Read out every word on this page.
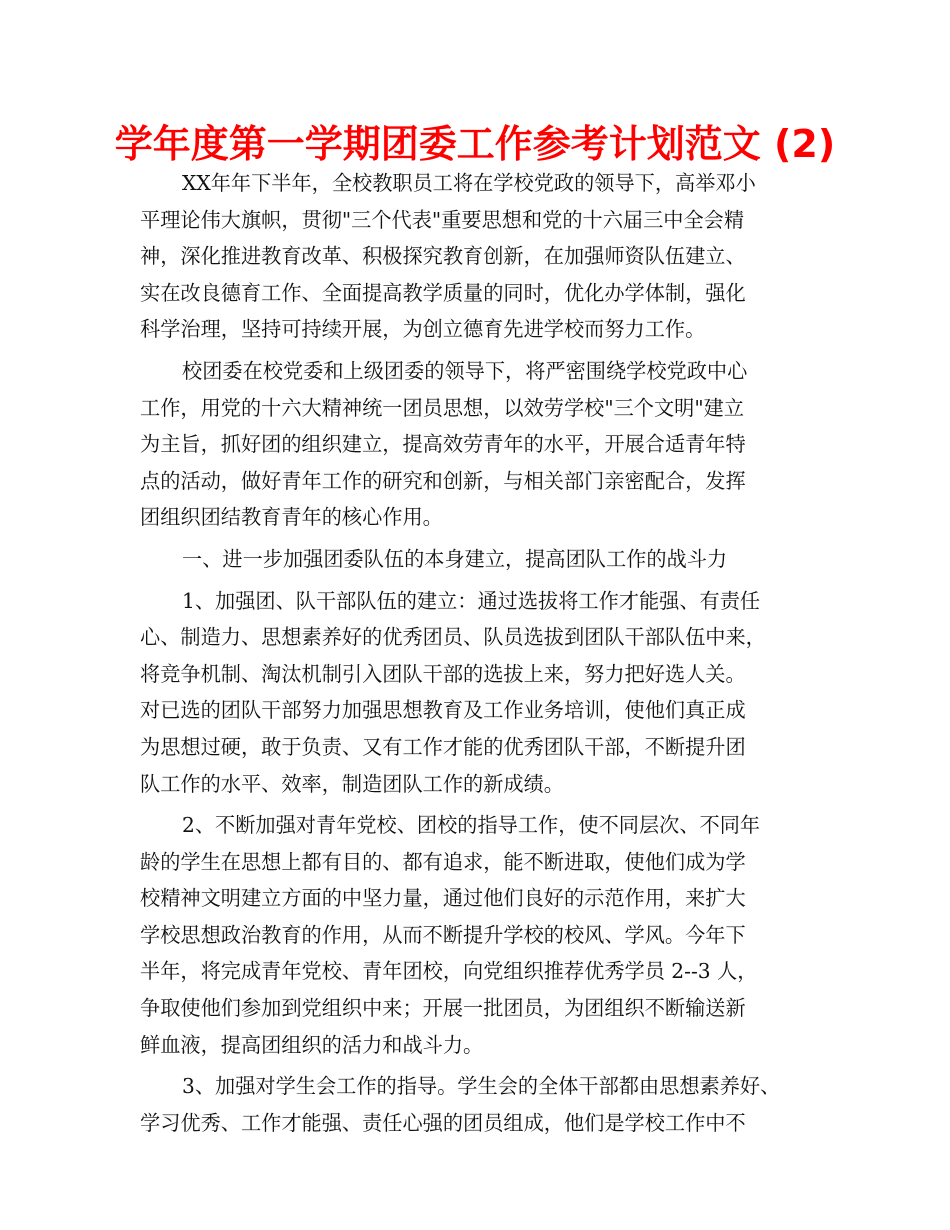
学年度第一学期团委工作参考计划范文 (2)
XX年年下半年，全校教职员工将在学校党政的领导下，高举邓小
平理论伟大旗帜，贯彻"三个代表"重要思想和党的十六届三中全会精
神，深化推进教育改革、积极探究教育创新，在加强师资队伍建立、
实在改良德育工作、全面提高教学质量的同时，优化办学体制，强化
科学治理，坚持可持续开展，为创立德育先进学校而努力工作。
校团委在校党委和上级团委的领导下，将严密围绕学校党政中心
工作，用党的十六大精神统一团员思想，以效劳学校"三个文明"建立
为主旨，抓好团的组织建立，提高效劳青年的水平，开展合适青年特
点的活动，做好青年工作的研究和创新，与相关部门亲密配合，发挥
团组织团结教育青年的核心作用。
一、进一步加强团委队伍的本身建立，提高团队工作的战斗力
1、加强团、队干部队伍的建立：通过选拔将工作才能强、有责任
心、制造力、思想素养好的优秀团员、队员选拔到团队干部队伍中来，
将竞争机制、淘汰机制引入团队干部的选拔上来，努力把好选人关。
对已选的团队干部努力加强思想教育及工作业务培训，使他们真正成
为思想过硬，敢于负责、又有工作才能的优秀团队干部，不断提升团
队工作的水平、效率，制造团队工作的新成绩。
2、不断加强对青年党校、团校的指导工作，使不同层次、不同年
龄的学生在思想上都有目的、都有追求，能不断进取，使他们成为学
校精神文明建立方面的中坚力量，通过他们良好的示范作用，来扩大
学校思想政治教育的作用，从而不断提升学校的校风、学风。今年下
半年，将完成青年党校、青年团校，向党组织推荐优秀学员 2--3 人，
争取使他们参加到党组织中来；开展一批团员，为团组织不断输送新
鲜血液，提高团组织的活力和战斗力。
3、加强对学生会工作的指导。学生会的全体干部都由思想素养好、
学习优秀、工作才能强、责任心强的团员组成，他们是学校工作中不
